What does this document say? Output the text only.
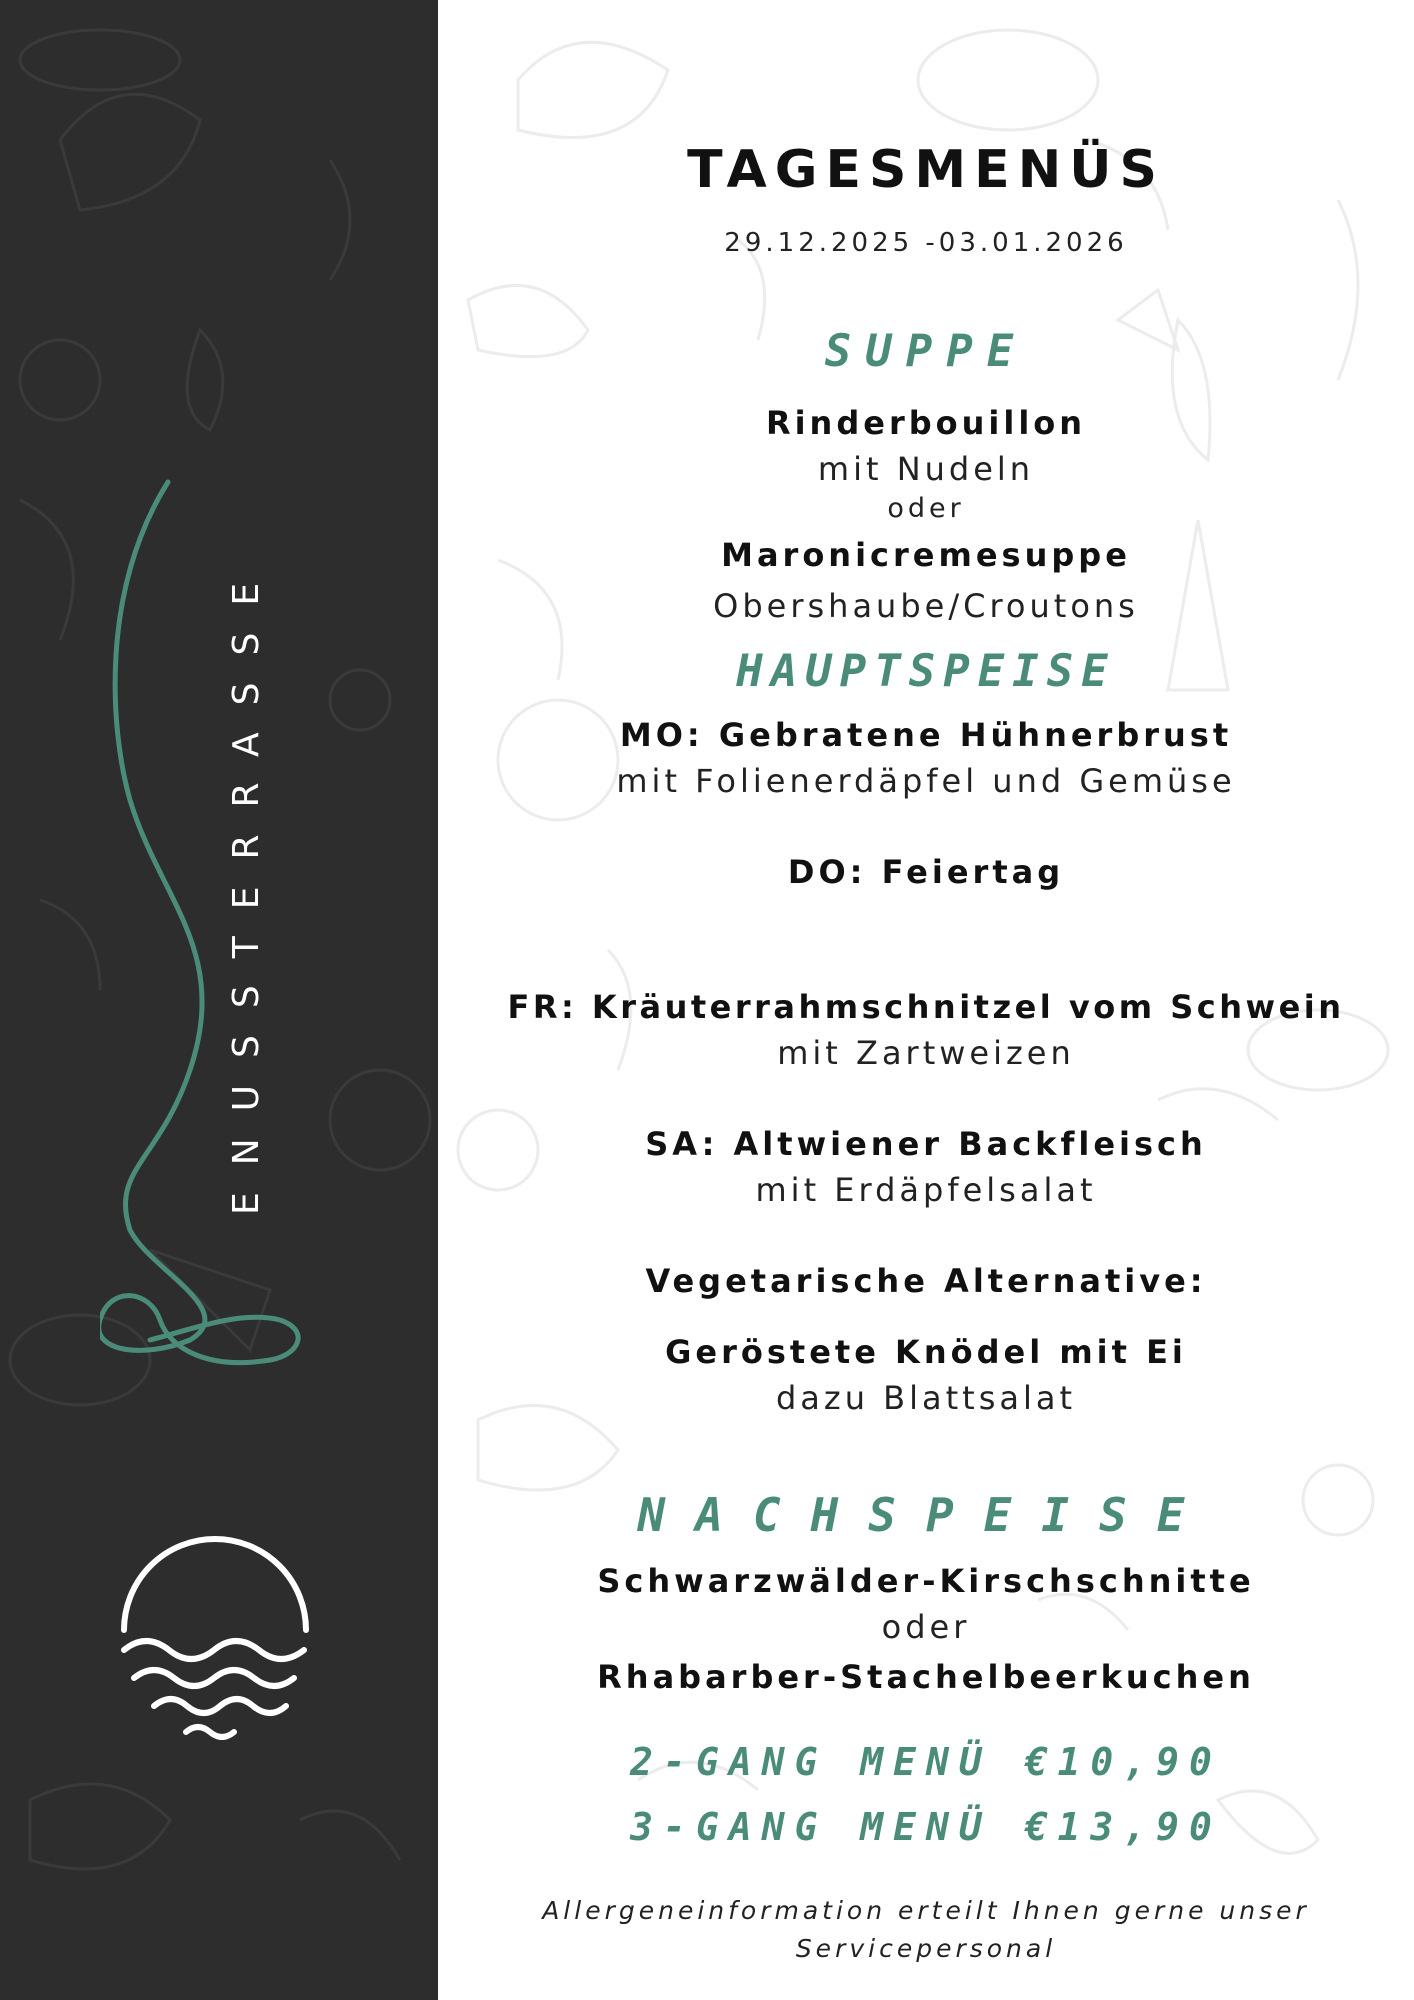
ENUSSTERRASSE
TAGESMENÜS
29.12.2025 -03.01.2026
SUPPE
Rinderbouillon
mit Nudeln
oder
Maronicremesuppe
Obershaube/Croutons
HAUPTSPEISE
MO: Gebratene Hühnerbrust
mit Folienerdäpfel und Gemüse
DO: Feiertag
FR: Kräuterrahmschnitzel vom Schwein
mit Zartweizen
SA: Altwiener Backfleisch
mit Erdäpfelsalat
Vegetarische Alternative:
Geröstete Knödel mit Ei
dazu Blattsalat
NACHSPEISE
Schwarzwälder-Kirschschnitte
oder
Rhabarber-Stachelbeerkuchen
2-GANG MENÜ €10,90
3-GANG MENÜ €13,90
Allergeneinformation erteilt Ihnen gerne unser
Servicepersonal
